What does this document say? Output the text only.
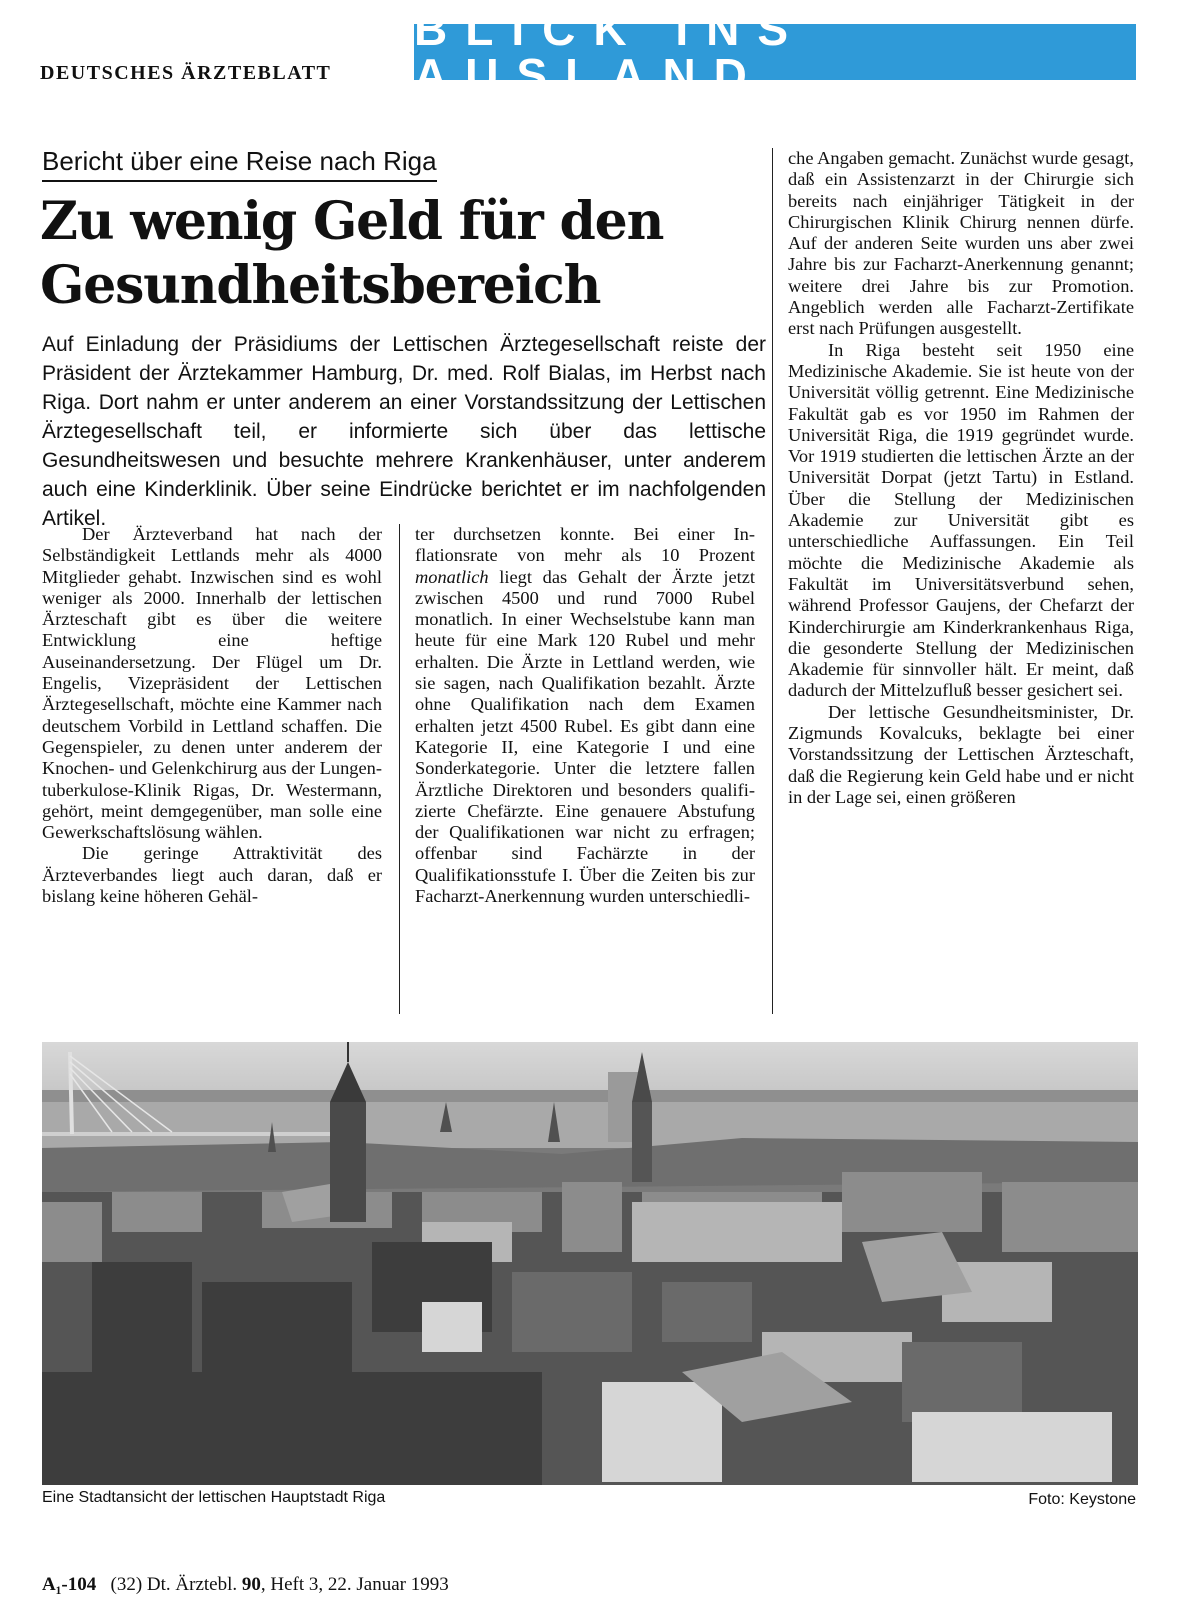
DEUTSCHES ÄRZTEBLATT
BLICK INS AUSLAND
Bericht über eine Reise nach Riga
Zu wenig Geld für den Gesundheitsbereich
Auf Einladung der Präsidiums der Lettischen Ärztegesellschaft reiste der Präsident der Ärztekammer Hamburg, Dr. med. Rolf Bialas, im Herbst nach Riga. Dort nahm er unter anderem an einer Vorstandssitzung der Lettischen Ärztegesellschaft teil, er informierte sich über das lettische Gesundheitswesen und besuchte mehrere Krankenhäuser, unter anderem auch eine Kinderklinik. Über seine Eindrücke berichtet er im nachfolgenden Artikel.

Der Ärzteverband hat nach der Selbständigkeit Lettlands mehr als 4000 Mitglieder gehabt. Inzwischen sind es wohl weniger als 2000. Innerhalb der lettischen Ärzteschaft gibt es über die weitere Entwicklung eine heftige Auseinandersetzung. Der Flügel um Dr. Engelis, Vizepräsident der Lettischen Ärztegesellschaft, möchte eine Kammer nach deutschem Vorbild in Lettland schaffen. Die Gegenspieler, zu denen unter anderem der Knochen- und Gelenkchirurg aus der Lungentuberkulose-Klinik Rigas, Dr. Westermann, gehört, meint demgegenüber, man solle eine Gewerkschaftslösung wählen.

Die geringe Attraktivität des Ärzteverbandes liegt auch daran, daß er bislang keine höheren Gehäl-

ter durchsetzen konnte. Bei einer Inflationsrate von mehr als 10 Prozent monatlich liegt das Gehalt der Ärzte jetzt zwischen 4500 und rund 7000 Rubel monatlich. In einer Wechselstube kann man heute für eine Mark 120 Rubel und mehr erhalten. Die Ärzte in Lettland werden, wie sie sagen, nach Qualifikation bezahlt. Ärzte ohne Qualifikation nach dem Examen erhalten jetzt 4500 Rubel. Es gibt dann eine Kategorie II, eine Kategorie I und eine Sonderkategorie. Unter die letztere fallen Ärztliche Direktoren und besonders qualifizierte Chefärzte. Eine genauere Abstufung der Qualifikationen war nicht zu erfragen; offenbar sind Fachärzte in der Qualifikationsstufe I. Über die Zeiten bis zur Facharzt-Anerkennung wurden unterschiedli-

che Angaben gemacht. Zunächst wurde gesagt, daß ein Assistenzarzt in der Chirurgie sich bereits nach einjähriger Tätigkeit in der Chirurgischen Klinik Chirurg nennen dürfe. Auf der anderen Seite wurden uns aber zwei Jahre bis zur Facharzt-Anerkennung genannt; weitere drei Jahre bis zur Promotion. Angeblich werden alle Facharzt-Zertifikate erst nach Prüfungen ausgestellt.

In Riga besteht seit 1950 eine Medizinische Akademie. Sie ist heute von der Universität völlig getrennt. Eine Medizinische Fakultät gab es vor 1950 im Rahmen der Universität Riga, die 1919 gegründet wurde. Vor 1919 studierten die lettischen Ärzte an der Universität Dorpat (jetzt Tartu) in Estland. Über die Stellung der Medizinischen Akademie zur Universität gibt es unterschiedliche Auffassungen. Ein Teil möchte die Medizinische Akademie als Fakultät im Universitätsverbund sehen, während Professor Gaujens, der Chefarzt der Kinderchirurgie am Kinderkrankenhaus Riga, die gesonderte Stellung der Medizinischen Akademie für sinnvoller hält. Er meint, daß dadurch der Mittelzufluß besser gesichert sei.

Der lettische Gesundheitsminister, Dr. Zigmunds Kovalcuks, beklagte bei einer Vorstandssitzung der Lettischen Ärzteschaft, daß die Regierung kein Geld habe und er nicht in der Lage sei, einen größeren

Eine Stadtansicht der lettischen Hauptstadt Riga	Foto: Keystone
A₁-104 (32) Dt. Ärztebl. 90, Heft 3, 22. Januar 1993
